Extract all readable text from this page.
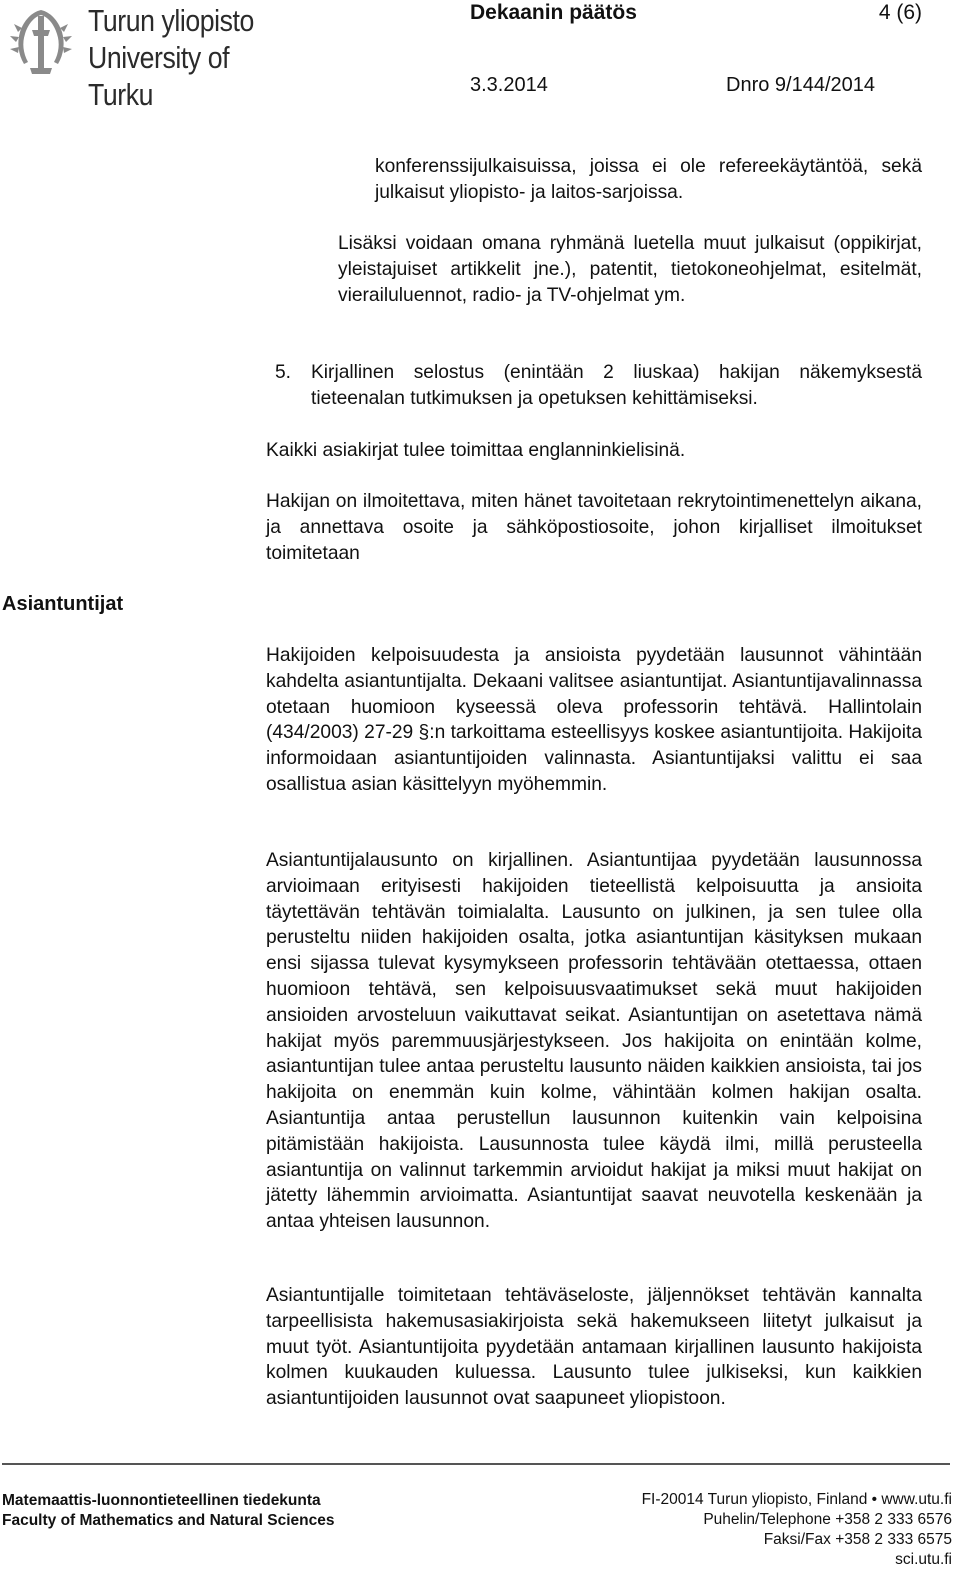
Turun yliopisto
University of Turku
Dekaanin päätös	4 (6)
3.3.2014	Dnro 9/144/2014
konferenssijulkaisuissa, joissa ei ole refereekäytäntöä, sekä julkaisut yliopisto- ja laitos-sarjoissa.
Lisäksi voidaan omana ryhmänä luetella muut julkaisut (oppikirjat, yleistajuiset artikkelit jne.), patentit, tietokoneohjelmat, esitelmät, vierailuluennot, radio- ja TV-ohjelmat ym.
5. Kirjallinen selostus (enintään 2 liuskaa) hakijan näkemyksestä tieteenalan tutkimuksen ja opetuksen kehittämiseksi.
Kaikki asiakirjat tulee toimittaa englanninkielisinä.
Hakijan on ilmoitettava, miten hänet tavoitetaan rekrytointimenettelyn aikana, ja annettava osoite ja sähköpostiosoite, johon kirjalliset ilmoitukset toimitetaan
Asiantuntijat
Hakijoiden kelpoisuudesta ja ansioista pyydetään lausunnot vähintään kahdelta asiantuntijalta. Dekaani valitsee asiantuntijat. Asiantuntijavalinnassa otetaan huomioon kyseessä oleva professorin tehtävä. Hallintolain (434/2003) 27-29 §:n tarkoittama esteellisyys koskee asiantuntijoita. Hakijoita informoidaan asiantuntijoiden valinnasta. Asiantuntijaksi valittu ei saa osallistua asian käsittelyyn myöhemmin.
Asiantuntijalausunto on kirjallinen. Asiantuntijaa pyydetään lausunnossa arvioimaan erityisesti hakijoiden tieteellistä kelpoisuutta ja ansioita täytettävän tehtävän toimialalta. Lausunto on julkinen, ja sen tulee olla perusteltu niiden hakijoiden osalta, jotka asiantuntijan käsityksen mukaan ensi sijassa tulevat kysymykseen professorin tehtävään otettaessa, ottaen huomioon tehtävä, sen kelpoisuusvaatimukset sekä muut hakijoiden ansioiden arvosteluun vaikuttavat seikat. Asiantuntijan on asetettava nämä hakijat myös paremmuusjärjestykseen. Jos hakijoita on enintään kolme, asiantuntijan tulee antaa perusteltu lausunto näiden kaikkien ansioista, tai jos hakijoita on enemmän kuin kolme, vähintään kolmen hakijan osalta. Asiantuntija antaa perustellun lausunnon kuitenkin vain kelpoisina pitämistään hakijoista. Lausunnosta tulee käydä ilmi, millä perusteella asiantuntija on valinnut tarkemmin arvioidut hakijat ja miksi muut hakijat on jätetty lähemmin arvioimatta. Asiantuntijat saavat neuvotella keskenään ja antaa yhteisen lausunnon.
Asiantuntijalle toimitetaan tehtäväseloste, jäljennökset tehtävän kannalta tarpeellisista hakemusasiakirjoista sekä hakemukseen liitetyt julkaisut ja muut työt. Asiantuntijoita pyydetään antamaan kirjallinen lausunto hakijoista kolmen kuukauden kuluessa. Lausunto tulee julkiseksi, kun kaikkien asiantuntijoiden lausunnot ovat saapuneet yliopistoon.
Matemaattis-luonnontieteellinen tiedekunta
Faculty of Mathematics and Natural Sciences
FI-20014 Turun yliopisto, Finland • www.utu.fi
Puhelin/Telephone +358 2 333 6576
Faksi/Fax +358 2 333 6575
sci.utu.fi
